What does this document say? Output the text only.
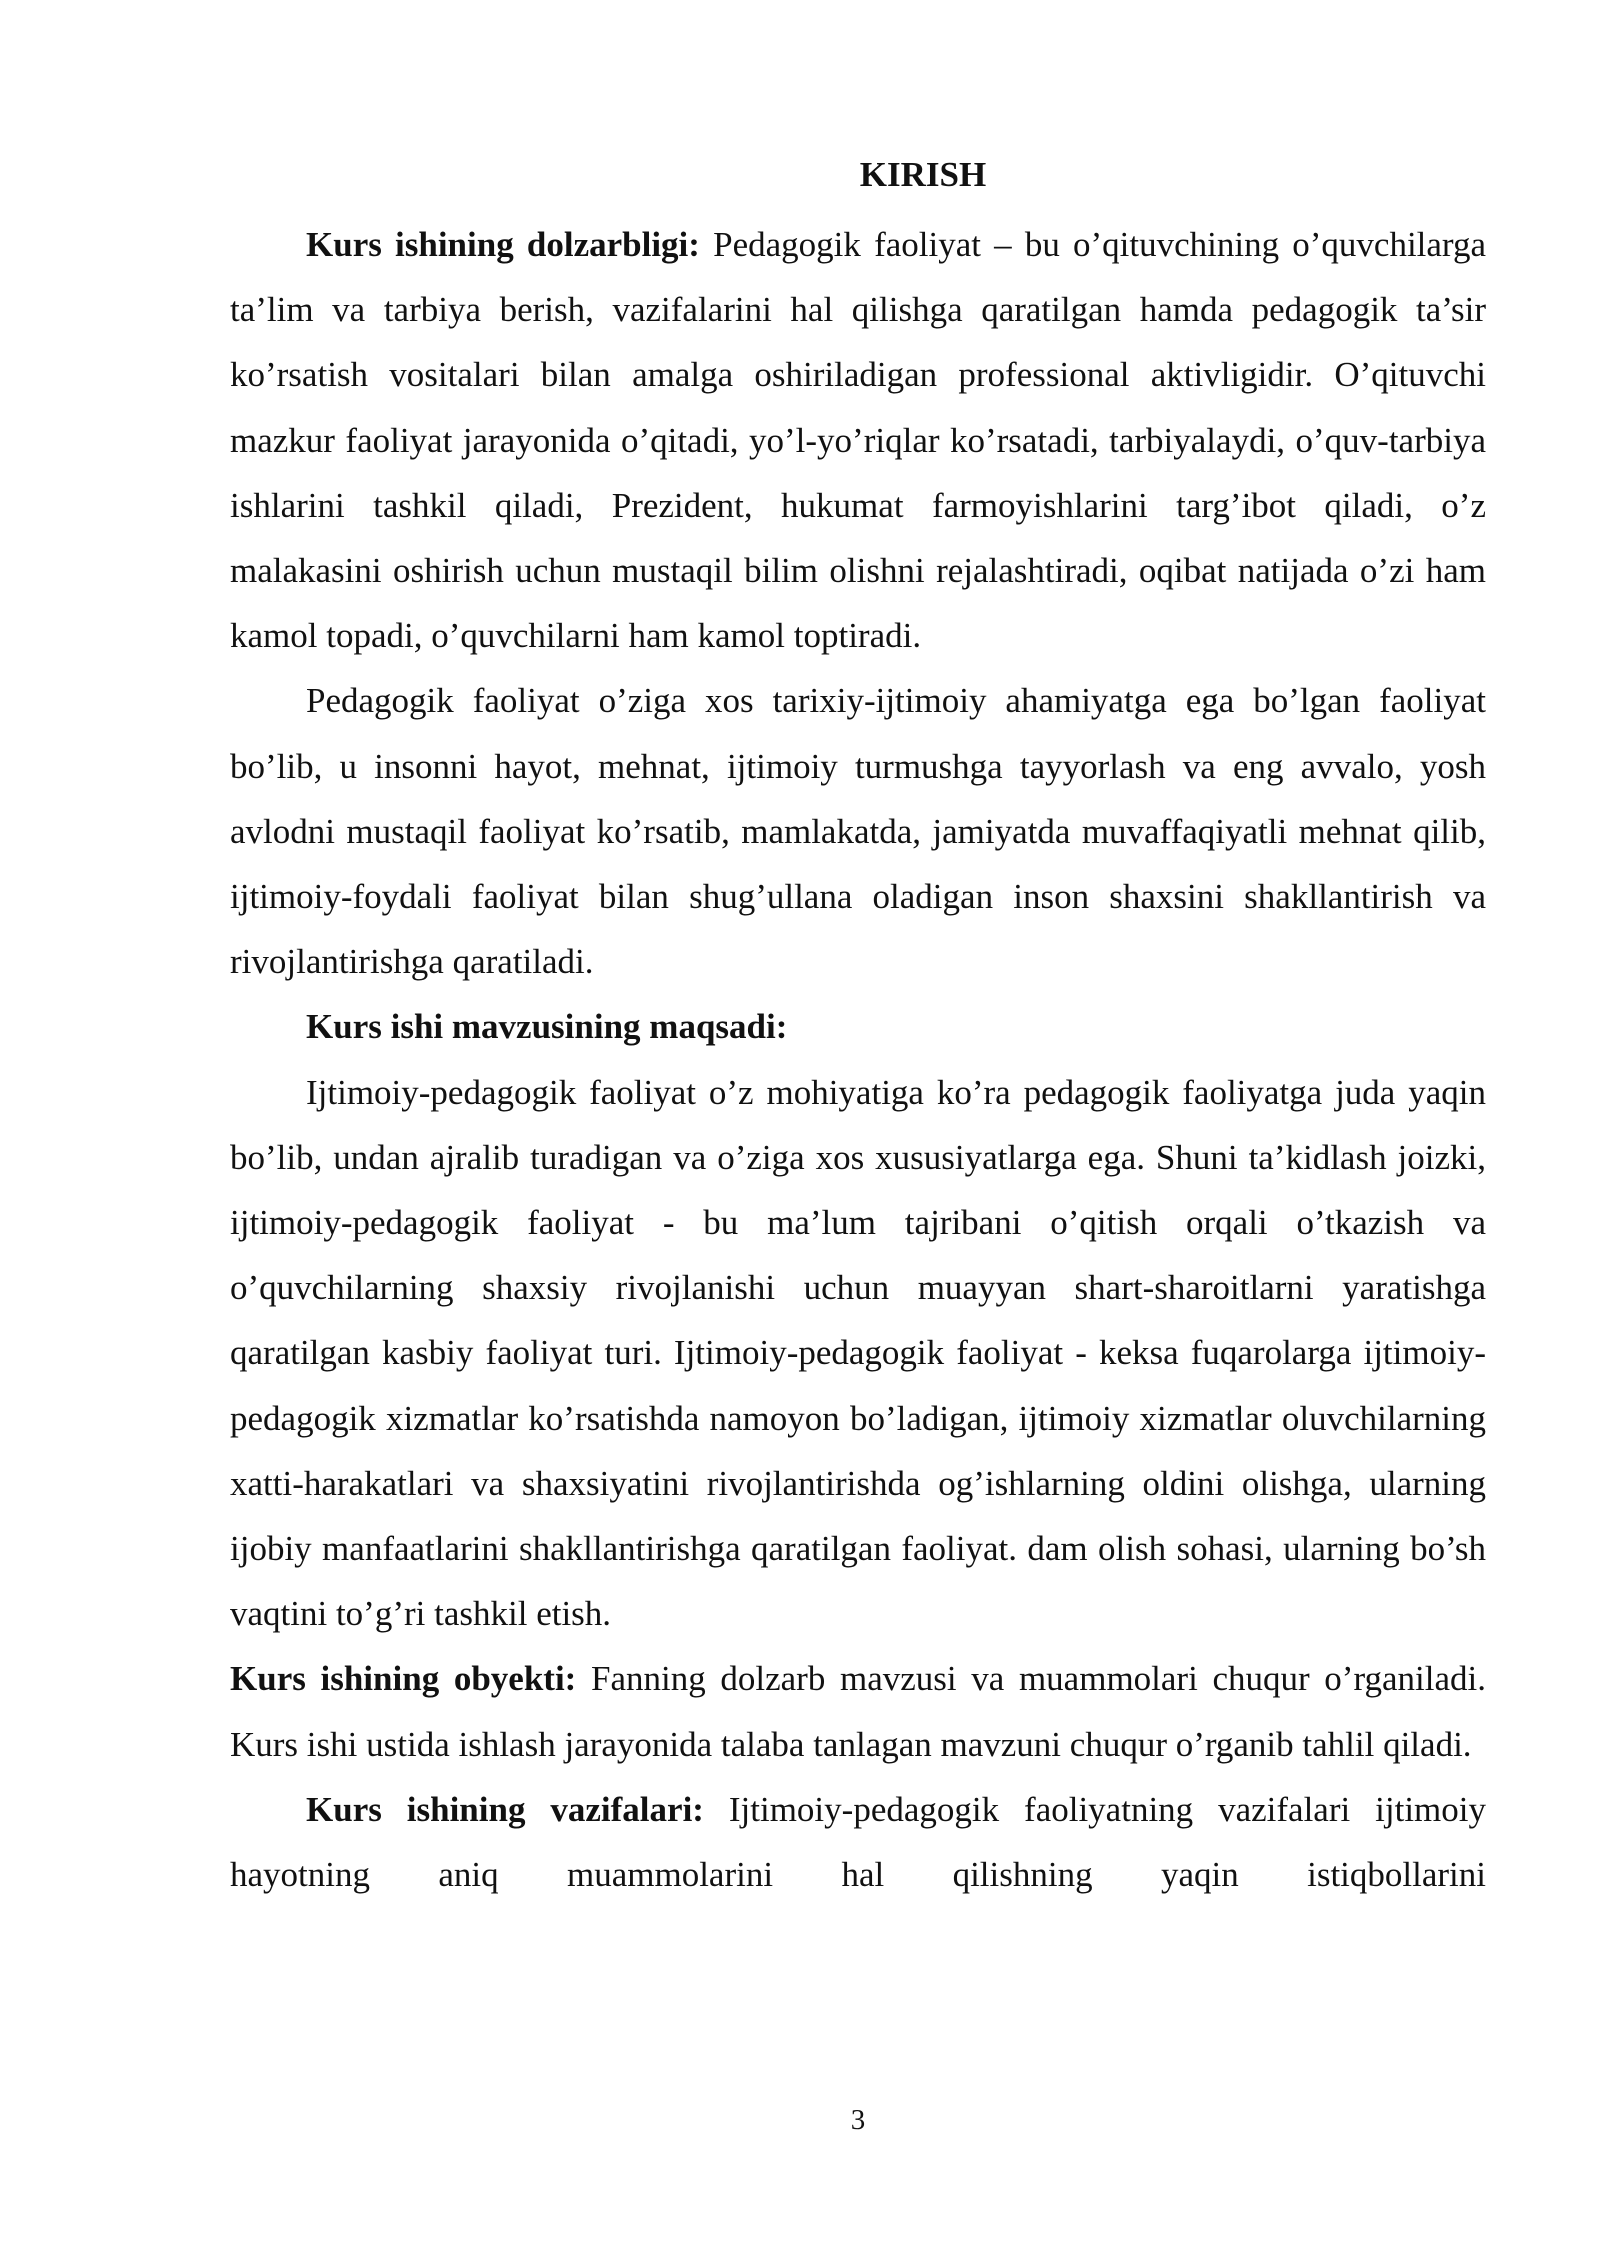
KIRISH

Kurs ishining dolzarbligi: Pedagogik faoliyat – bu o’qituvchining o’quvchilarga ta’lim va tarbiya berish, vazifalarini hal qilishga qaratilgan hamda pedagogik ta’sir ko’rsatish vositalari bilan amalga oshiriladigan professional aktivligidir. O’qituvchi mazkur faoliyat jarayonida o’qitadi, yo’l-yo’riqlar ko’rsatadi, tarbiyalaydi, o’quv-tarbiya ishlarini tashkil qiladi, Prezident, hukumat farmoyishlarini targ’ibot qiladi, o’z malakasini oshirish uchun mustaqil bilim olishni rejalashtiradi, oqibat natijada o’zi ham kamol topadi, o’quvchilarni ham kamol toptiradi.

Pedagogik faoliyat o’ziga xos tarixiy-ijtimoiy ahamiyatga ega bo’lgan faoliyat bo’lib, u insonni hayot, mehnat, ijtimoiy turmushga tayyorlash va eng avvalo, yosh avlodni mustaqil faoliyat ko’rsatib, mamlakatda, jamiyatda muvaffaqiyatli mehnat qilib, ijtimoiy-foydali faoliyat bilan shug’ullana oladigan inson shaxsini shakllantirish va rivojlantirishga qaratiladi.

Kurs ishi mavzusining maqsadi:

Ijtimoiy-pedagogik faoliyat o’z mohiyatiga ko’ra pedagogik faoliyatga juda yaqin bo’lib, undan ajralib turadigan va o’ziga xos xususiyatlarga ega. Shuni ta’kidlash joizki, ijtimoiy-pedagogik faoliyat - bu ma’lum tajribani o’qitish orqali o’tkazish va o’quvchilarning shaxsiy rivojlanishi uchun muayyan shart-sharoitlarni yaratishga qaratilgan kasbiy faoliyat turi. Ijtimoiy-pedagogik faoliyat - keksa fuqarolarga ijtimoiy-pedagogik xizmatlar ko’rsatishda namoyon bo’ladigan, ijtimoiy xizmatlar oluvchilarning xatti-harakatlari va shaxsiyatini rivojlantirishda og’ishlarning oldini olishga, ularning ijobiy manfaatlarini shakllantirishga qaratilgan faoliyat. dam olish sohasi, ularning bo’sh vaqtini to’g’ri tashkil etish.

Kurs ishining obyekti: Fanning dolzarb mavzusi va muammolari chuqur o’rganiladi. Kurs ishi ustida ishlash jarayonida talaba tanlagan mavzuni chuqur o’rganib tahlil qiladi.

Kurs ishining vazifalari: Ijtimoiy-pedagogik faoliyatning vazifalari ijtimoiy hayotning aniq muammolarini hal qilishning yaqin istiqbollarini

3
